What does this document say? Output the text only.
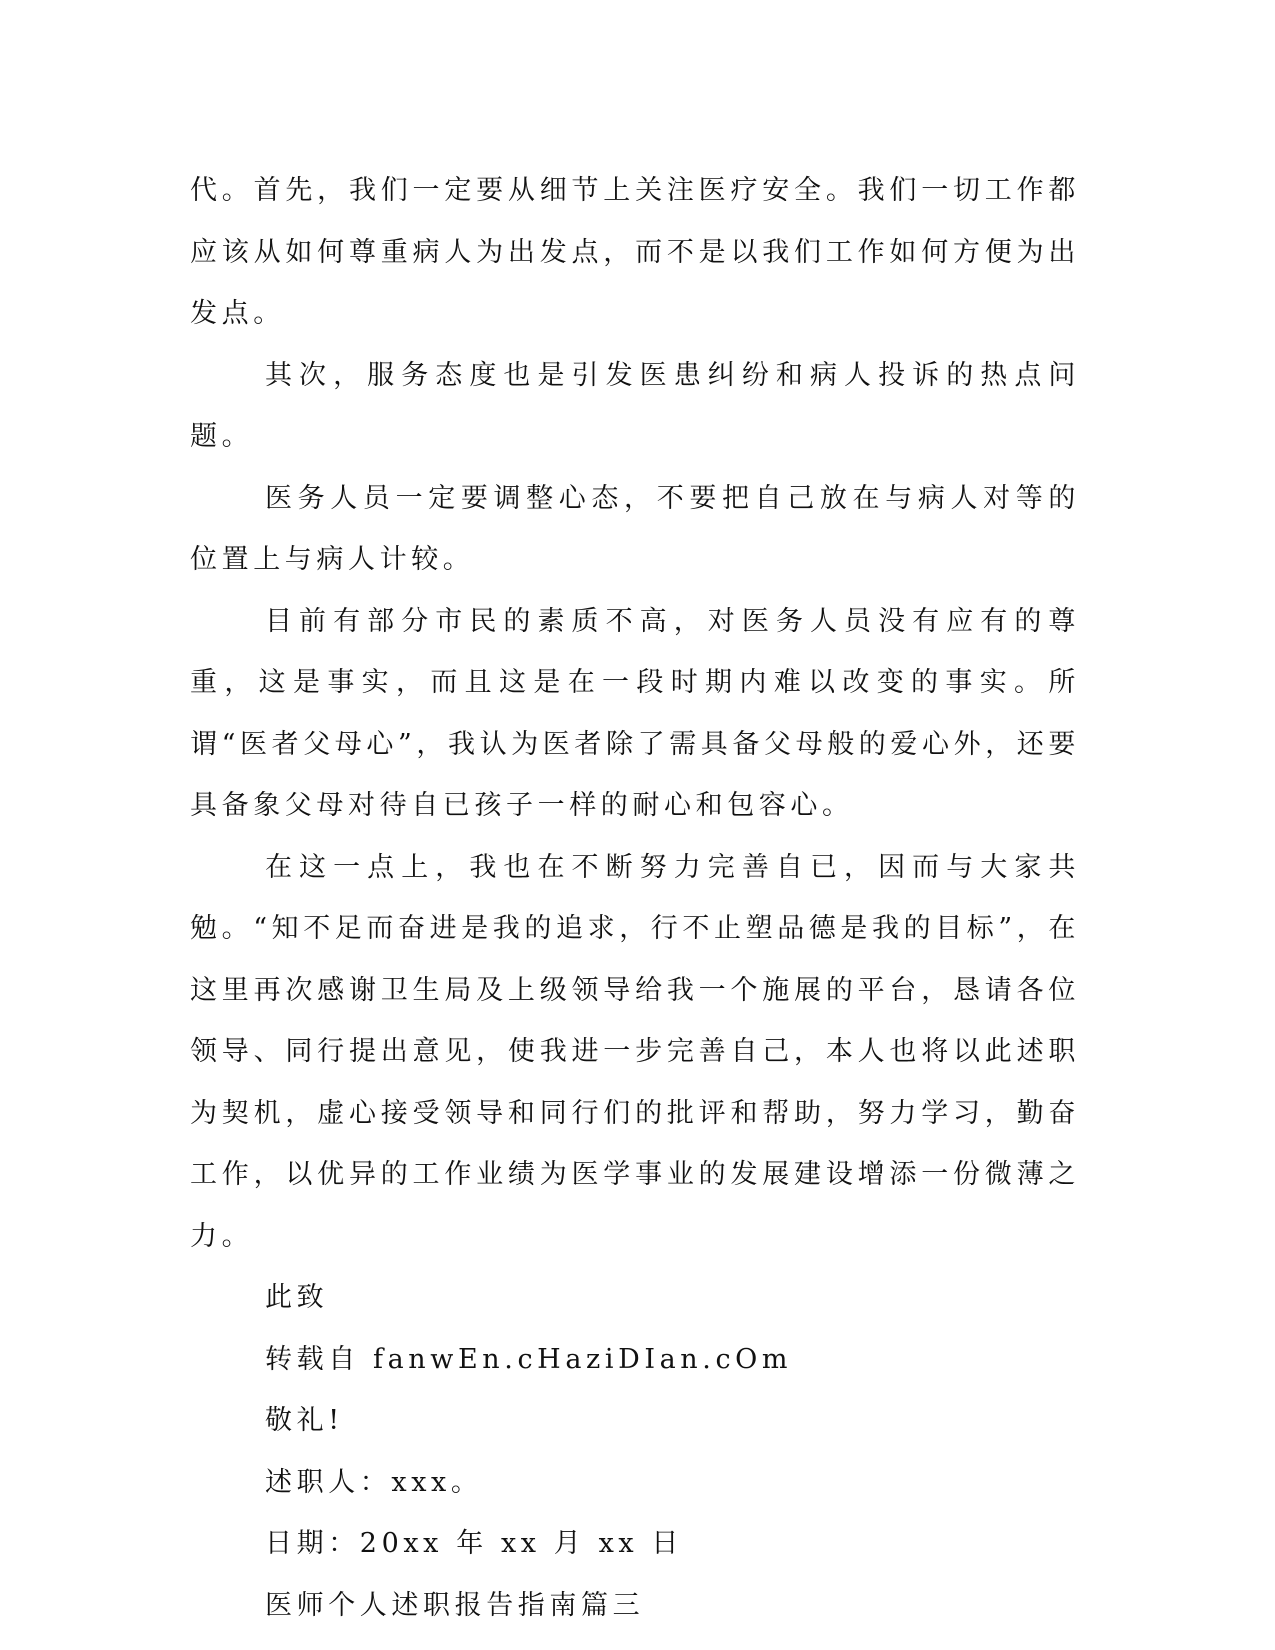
代。首先，我们一定要从细节上关注医疗安全。我们一切工作都应该从如何尊重病人为出发点，而不是以我们工作如何方便为出发点。

其次，服务态度也是引发医患纠纷和病人投诉的热点问题。

医务人员一定要调整心态，不要把自己放在与病人对等的位置上与病人计较。

目前有部分市民的素质不高，对医务人员没有应有的尊重，这是事实，而且这是在一段时期内难以改变的事实。所谓“医者父母心”，我认为医者除了需具备父母般的爱心外，还要具备象父母对待自已孩子一样的耐心和包容心。

在这一点上，我也在不断努力完善自已，因而与大家共勉。“知不足而奋进是我的追求，行不止塑品德是我的目标”，在这里再次感谢卫生局及上级领导给我一个施展的平台，恳请各位领导、同行提出意见，使我进一步完善自己，本人也将以此述职为契机，虚心接受领导和同行们的批评和帮助，努力学习，勤奋工作，以优异的工作业绩为医学事业的发展建设增添一份微薄之力。

此致

转载自 fanwEn.cHaziDIan.cOm

敬礼!

述职人：xxx。

日期：20xx 年 xx 月 xx 日

医师个人述职报告指南篇三
